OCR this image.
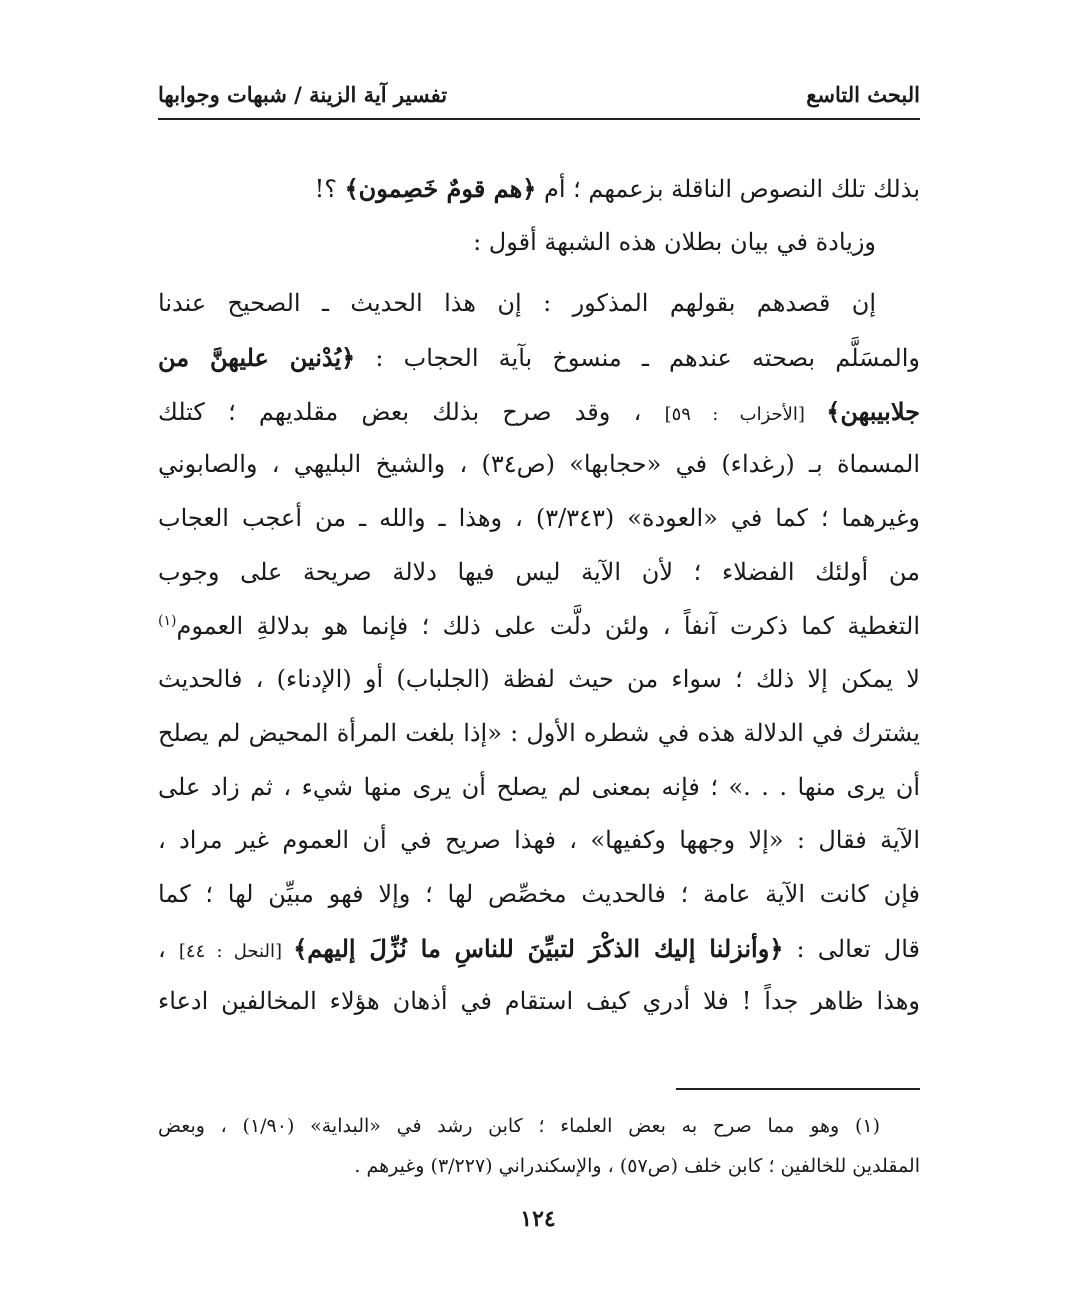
البحث التاسع
تفسير آية الزينة / شبهات وجوابها
بذلك تلك النصوص الناقلة بزعمهم ؛ أم ﴿هم قومٌ خَصِمون﴾ ؟!
وزيادة في بيان بطلان هذه الشبهة أقول :
إن قصدهم بقولهم المذكور : إن هذا الحديث ـ الصحيح عندنا
والمسَلَّم بصحته عندهم ـ منسوخ بآية الحجاب : ﴿يُدْنين عليهنَّ من
جلابيبهن﴾ [الأحزاب : ٥٩] ، وقد صرح بذلك بعض مقلديهم ؛ كتلك
المسماة بـ (رغداء) في «حجابها» (ص٣٤) ، والشيخ البليهي ، والصابوني
وغيرهما ؛ كما في «العودة» (٣/٣٤٣) ، وهذا ـ والله ـ من أعجب العجاب
من أولئك الفضلاء ؛ لأن الآية ليس فيها دلالة صريحة على وجوب
التغطية كما ذكرت آنفاً ، ولئن دلَّت على ذلك ؛ فإنما هو بدلالةِ العموم$^{(١)}$
لا يمكن إلا ذلك ؛ سواء من حيث لفظة (الجلباب) أو (الإدناء) ، فالحديث
يشترك في الدلالة هذه في شطره الأول : «إذا بلغت المرأة المحيض لم يصلح
أن يرى منها . . .» ؛ فإنه بمعنى لم يصلح أن يرى منها شيء ، ثم زاد على
الآية فقال : «إلا وجهها وكفيها» ، فهذا صريح في أن العموم غير مراد ،
فإن كانت الآية عامة ؛ فالحديث مخصِّص لها ؛ وإلا فهو مبيِّن لها ؛ كما
قال تعالى : ﴿وأنزلنا إليك الذكْرَ لتبيِّنَ للناسِ ما نُزِّلَ إليهم﴾ [النحل : ٤٤] ،
وهذا ظاهر جداً ! فلا أدري كيف استقام في أذهان هؤلاء المخالفين ادعاء
(١) وهو مما صرح به بعض العلماء ؛ كابن رشد في «البداية» (١/٩٠) ، وبعض
المقلدين للخالفين ؛ كابن خلف (ص٥٧) ، والإسكندراني (٣/٢٢٧) وغيرهم .
١٢٤
